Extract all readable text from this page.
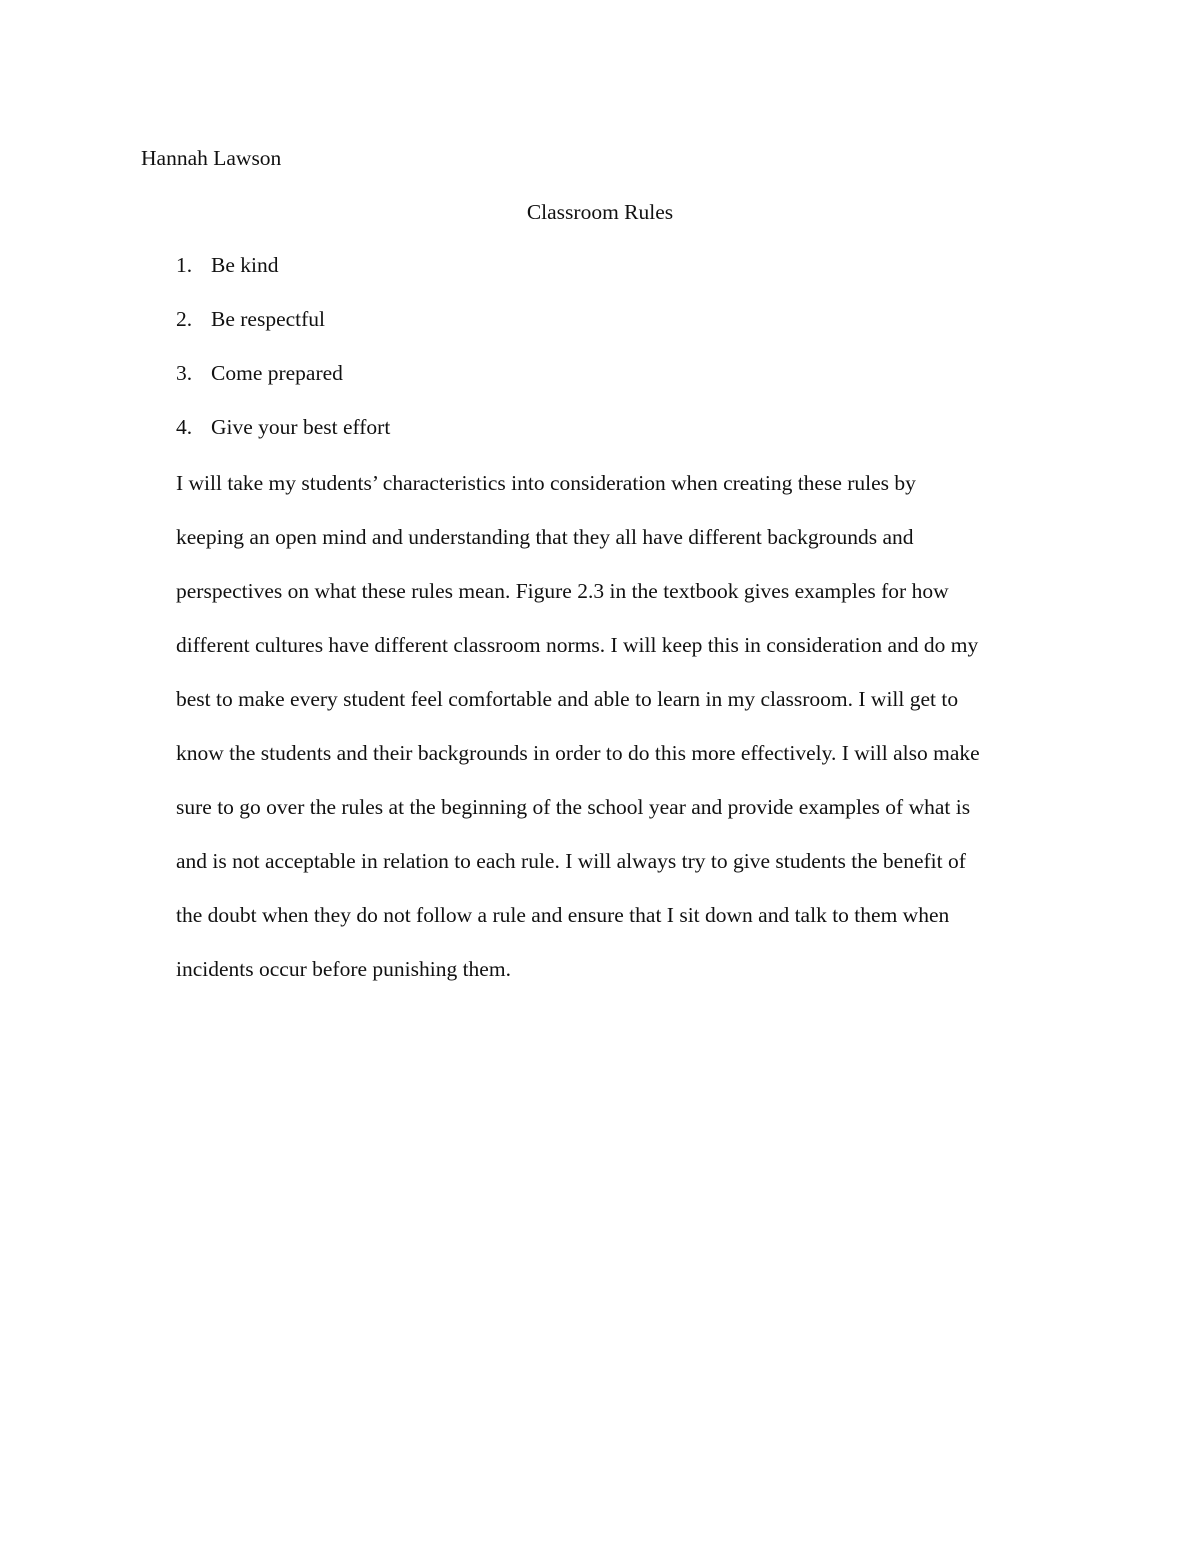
Hannah Lawson
Classroom Rules
1. Be kind
2. Be respectful
3. Come prepared
4. Give your best effort
I will take my students’ characteristics into consideration when creating these rules by
keeping an open mind and understanding that they all have different backgrounds and
perspectives on what these rules mean. Figure 2.3 in the textbook gives examples for how
different cultures have different classroom norms. I will keep this in consideration and do my
best to make every student feel comfortable and able to learn in my classroom. I will get to
know the students and their backgrounds in order to do this more effectively. I will also make
sure to go over the rules at the beginning of the school year and provide examples of what is
and is not acceptable in relation to each rule. I will always try to give students the benefit of
the doubt when they do not follow a rule and ensure that I sit down and talk to them when
incidents occur before punishing them.
